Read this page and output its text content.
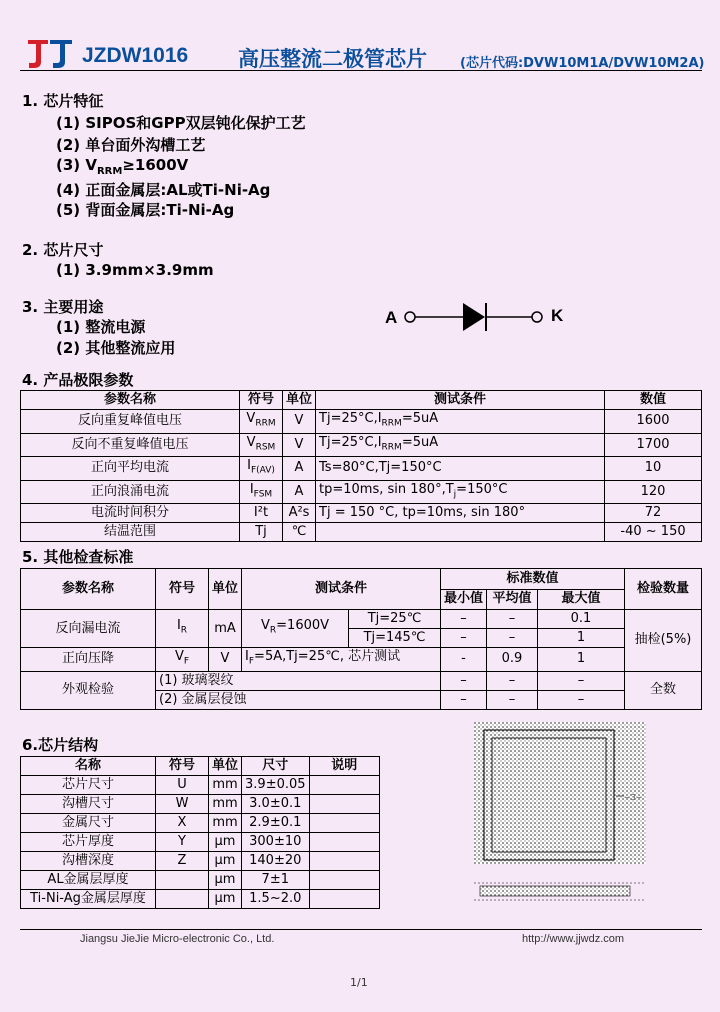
JZDW1016 高压整流二极管芯片	(芯片代码:DVW10M1A/DVW10M2A)
1. 芯片特征
(1) SIPOS和GPP双层钝化保护工艺
(2) 单台面外沟槽工艺
(3) $V_{RRM}\ge 1600V$
(4) 正面金属层:AL或Ti-Ni-Ag
(5) 背面金属层:Ti-Ni-Ag
2. 芯片尺寸
(1) 3.9mm×3.9mm
3. 主要用途
(1) 整流电源
(2) 其他整流应用
A	K
4. 产品极限参数
参数名称	符号	单位	测试条件	数值
反向重复峰值电压	$V_{RRM}$	V	$Tj=25^\circ C,I_{RRM}=5uA$	1600
反向不重复峰值电压	$V_{RSM}$	V	$Tj=25^\circ C,I_{RRM}=5uA$	1700
正向平均电流	$I_{F(AV)}$	A	Ts=80°C,Tj=150°C	10
正向浪涌电流	$I_{FSM}$	A	tp=10ms, $\sin 180^\circ,T_j=150^\circ C$	120
电流时间积分	I²t	A²s	Tj = 150 °C, tp=10ms, sin 180°	72
结温范围	Tj	℃		-40 ~ 150
5. 其他检查标准
参数名称	符号	单位	测试条件		标准数值			检验数量
					最小值	平均值	最大值	
反向漏电流	$I_R$	mA	$V_R=1600V$	Tj=25℃	–	–	0.1	抽检(5%)
				Tj=145℃	–	–	1	
正向压降	$V_F$	V	$I_F=5A,Tj=25℃$, 芯片测试		-	0.9	1	
外观检验	(1) 玻璃裂纹				–	–	–	全数
	(2) 金属层侵蚀				–	–	–	
6.芯片结构
名称	符号	单位	尺寸	说明
芯片尺寸	U	mm	3.9±0.05	
沟槽尺寸	W	mm	3.0±0.1	
金属尺寸	X	mm	2.9±0.1	
芯片厚度	Y	μm	300±10	
沟槽深度	Z	μm	140±20	
AL金属层厚度		μm	7±1	
Ti-Ni-Ag金属层厚度		μm	1.5~2.0	
~3~
Jiangsu JieJie Micro-electronic Co., Ltd.	http://www.jjwdz.com
1/1
